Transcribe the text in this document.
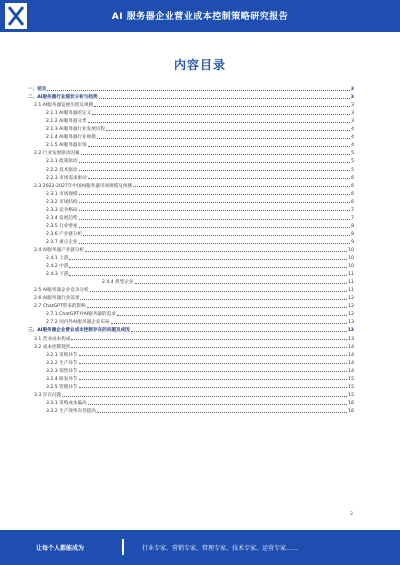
AI 服务器企业营业成本控制策略研究报告
内容目录
一、前言	3
二、AI服务器行业现状分析与趋势	3
2.1 AI服务器发展历程及规模	3
2.1.1 AI服务器的定义	3
2.1.2 AI服务器分类	3
2.1.3 AI服务器行业发展历程	4
2.1.4 AI服务器行业规模	4
2.1.5 AI服务器市场	4
2.2 行业发展驱动因素	5
2.2.1 政策驱动	5
2.2.2 技术驱动	5
2.2.3 市场需求驱动	6
2.3 2022-2027年中国AI服务器市场规模及预测	6
2.3.1 市场规模	6
2.3.2 市场结构	6
2.3.3 竞争格局	7
2.3.4 发展趋势	7
2.3.5 行业壁垒	8
2.3.6 产业链分析	8
2.3.7 重点企业	9
2.4 AI服务器产业链分析	10
2.4.1 上游	10
2.4.2 中游	10
2.4.3 下游	11
2.4.4 典型企业	11
2.5 AI服务器企业竞争分析	11
2.6 AI服务器行业前景	12
2.7 ChatGPT带来的影响	12
2.7.1 ChatGPT对AI服务器的需求	12
2.7.2 国内外AI服务器企业布局	13
三、AI服务器企业营业成本控制存在的问题及成因	13
3.1 营业成本构成	13
3.2 成本控制现状	14
3.2.1 采购环节	14
3.2.2 生产环节	14
3.2.3 销售环节	14
3.2.4 研发环节	15
3.2.5 管理环节	15
3.3 存在问题	15
3.3.1 采购成本偏高	16
3.3.2 生产效率有待提高	16
2
让每个人都能成为	行业专家、营销专家、管理专家、技术专家、运营专家……
